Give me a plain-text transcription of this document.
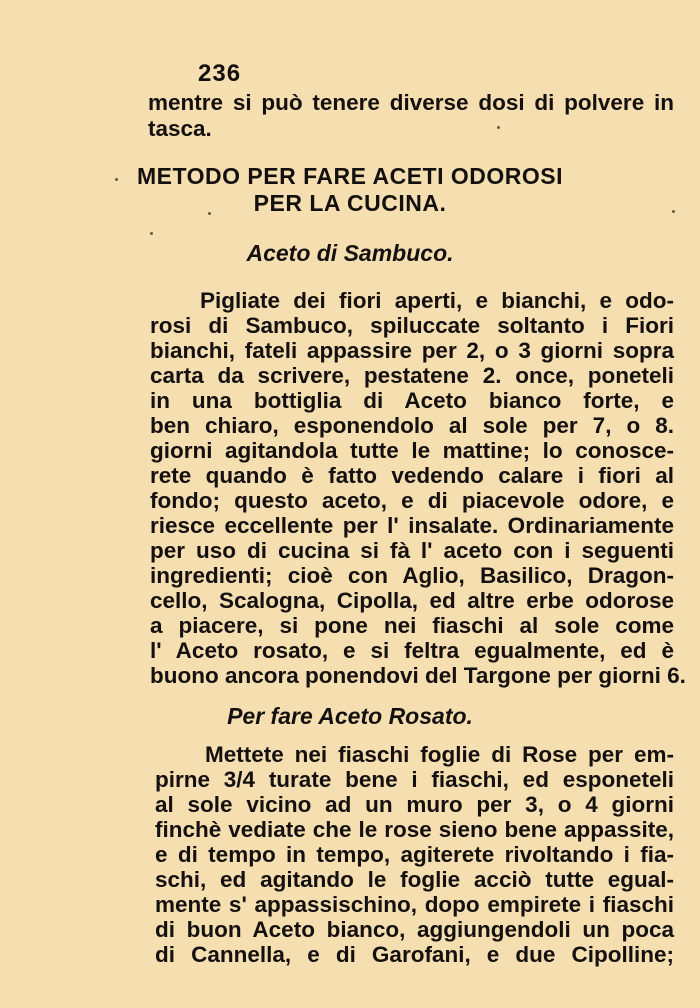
236
mentre si può tenere diverse dosi di polvere in
tasca.
METODO PER FARE ACETI ODOROSI
PER LA CUCINA.
Aceto di Sambuco.
Pigliate dei fiori aperti, e bianchi, e odo-
rosi di Sambuco, spiluccate soltanto i Fiori
bianchi, fateli appassire per 2, o 3 giorni sopra
carta da scrivere, pestatene 2. once, poneteli
in una bottiglia di Aceto bianco forte, e
ben chiaro, esponendolo al sole per 7, o 8.
giorni agitandola tutte le mattine; lo conosce-
rete quando è fatto vedendo calare i fiori al
fondo; questo aceto, e di piacevole odore, e
riesce eccellente per l' insalate. Ordinariamente
per uso di cucina si fà l' aceto con i seguenti
ingredienti; cioè con Aglio, Basilico, Dragon-
cello, Scalogna, Cipolla, ed altre erbe odorose
a piacere, si pone nei fiaschi al sole come
l' Aceto rosato, e si feltra egualmente, ed è
buono ancora ponendovi del Targone per giorni 6.
Per fare Aceto Rosato.
Mettete nei fiaschi foglie di Rose per em-
pirne 3/4 turate bene i fiaschi, ed esponeteli
al sole vicino ad un muro per 3, o 4 giorni
finchè vediate che le rose sieno bene appassite,
e di tempo in tempo, agiterete rivoltando i fia-
schi, ed agitando le foglie acciò tutte egual-
mente s' appassischino, dopo empirete i fiaschi
di buon Aceto bianco, aggiungendoli un poca
di Cannella, e di Garofani, e due Cipolline;
